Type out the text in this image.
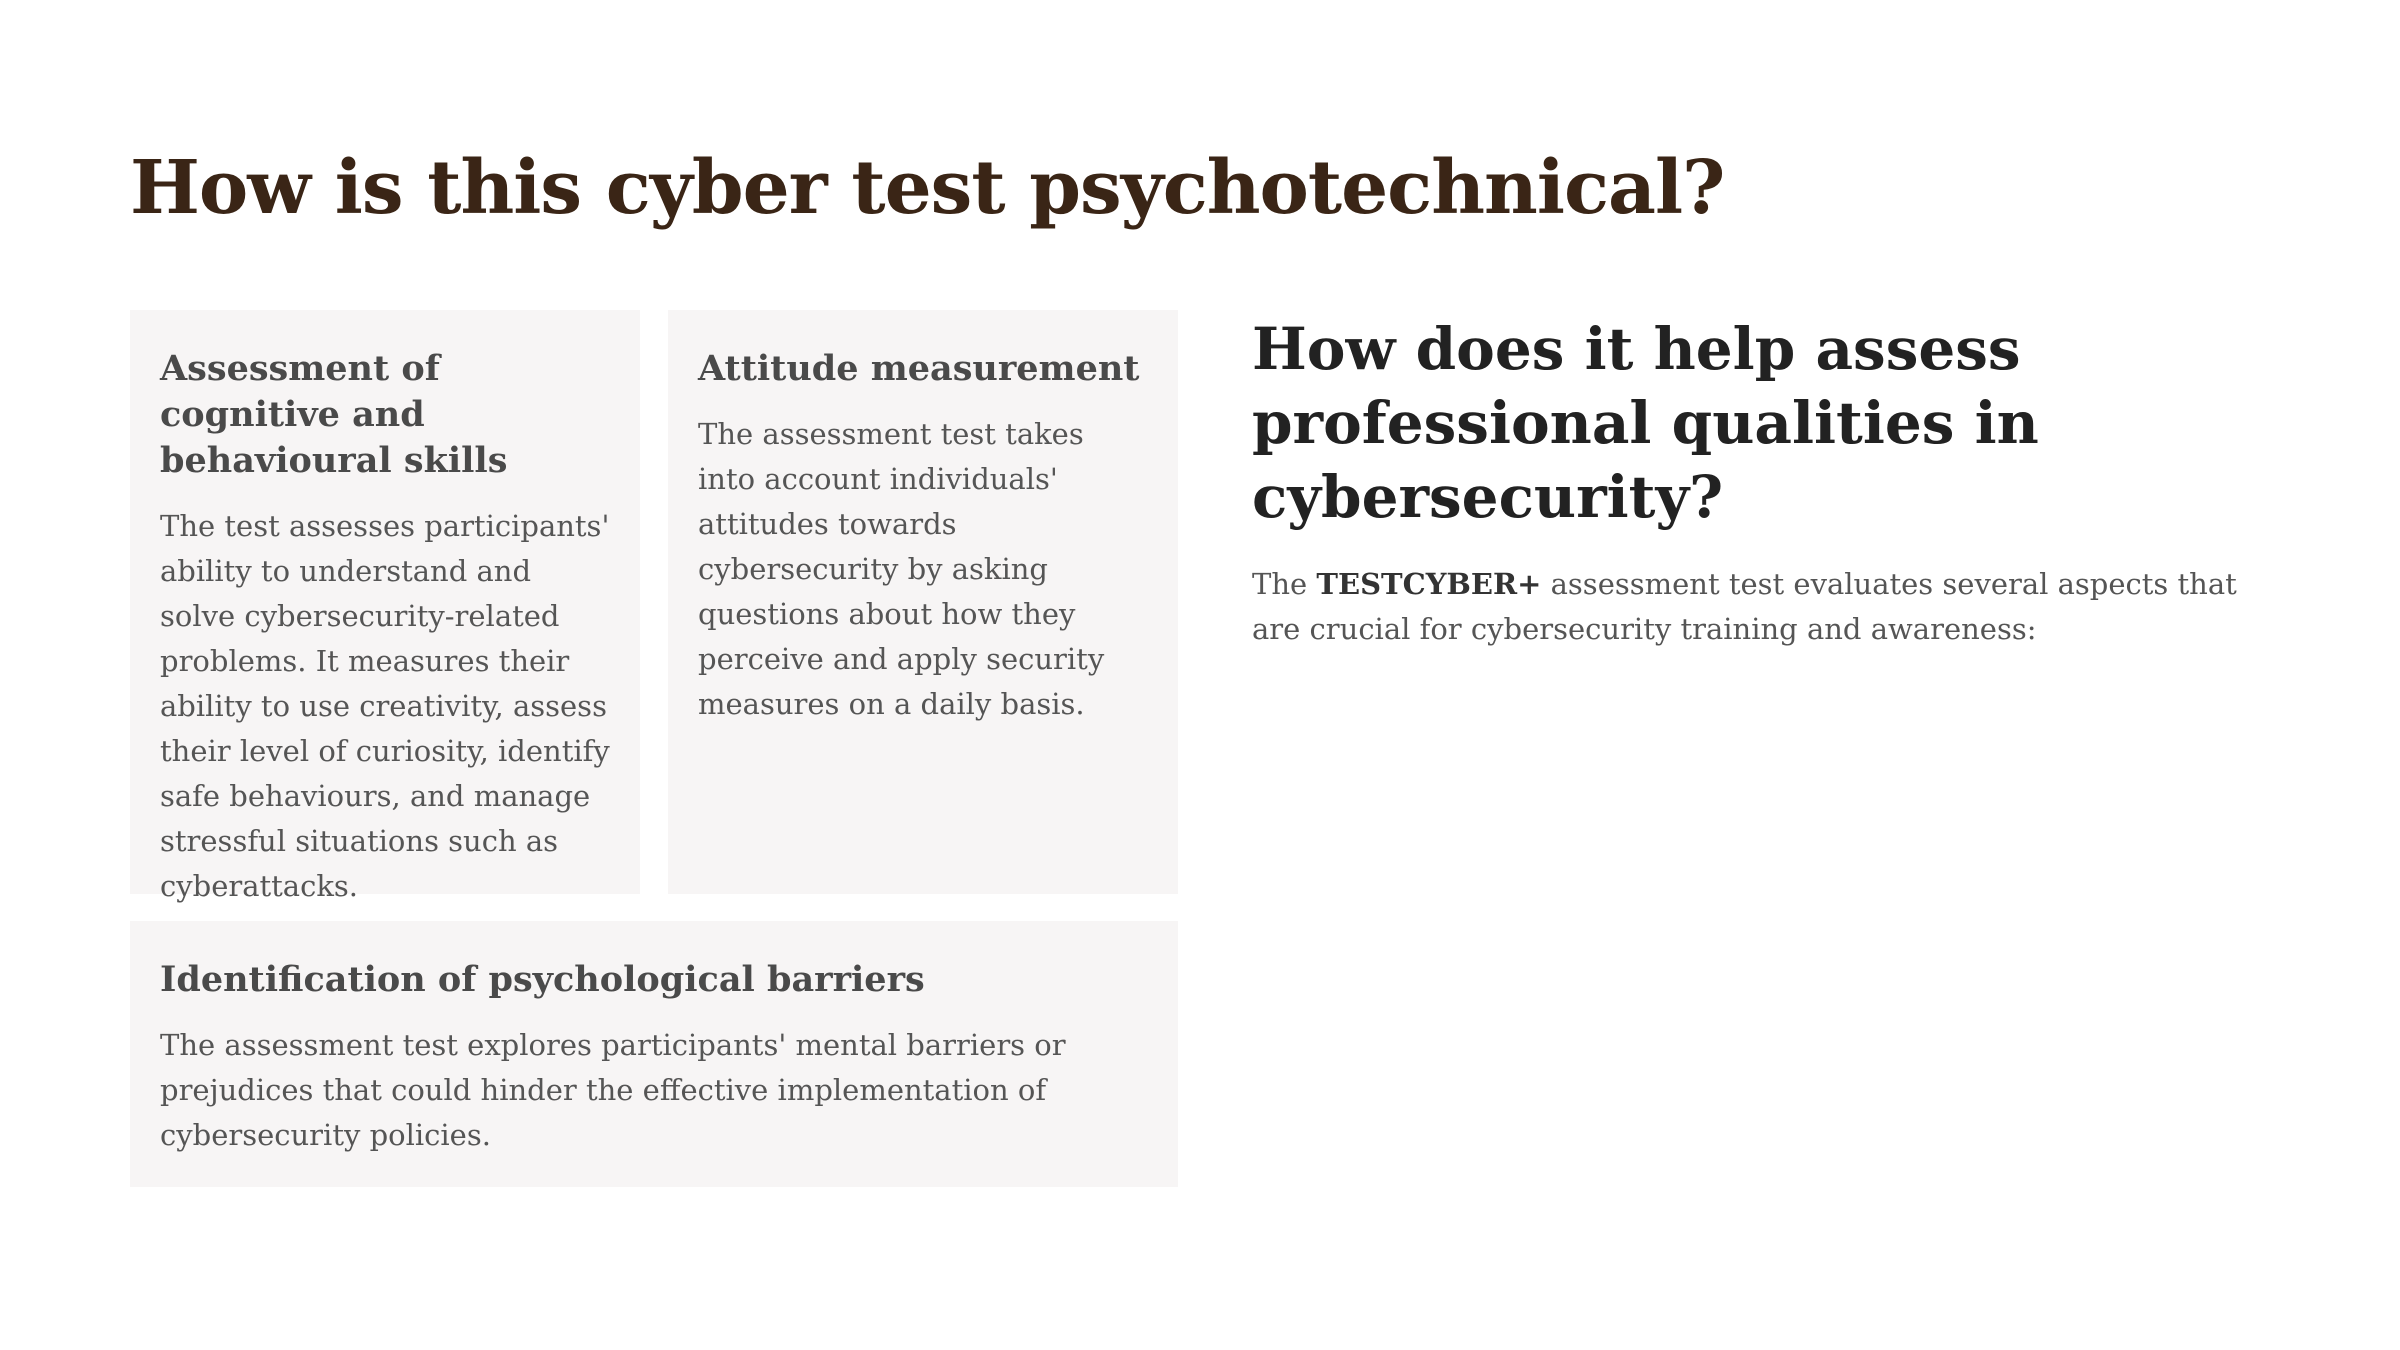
How is this cyber test psychotechnical?
Assessment of cognitive and behavioural skills

The test assesses participants' ability to understand and solve cybersecurity-related problems. It measures their ability to use creativity, assess their level of curiosity, identify safe behaviours, and manage stressful situations such as cyberattacks.

Attitude measurement

The assessment test takes into account individuals' attitudes towards cybersecurity by asking questions about how they perceive and apply security measures on a daily basis.

Identification of psychological barriers

The assessment test explores participants' mental barriers or prejudices that could hinder the effective implementation of cybersecurity policies.

How does it help assess professional qualities in cybersecurity?

The TESTCYBER+ assessment test evaluates several aspects that are crucial for cybersecurity training and awareness:
